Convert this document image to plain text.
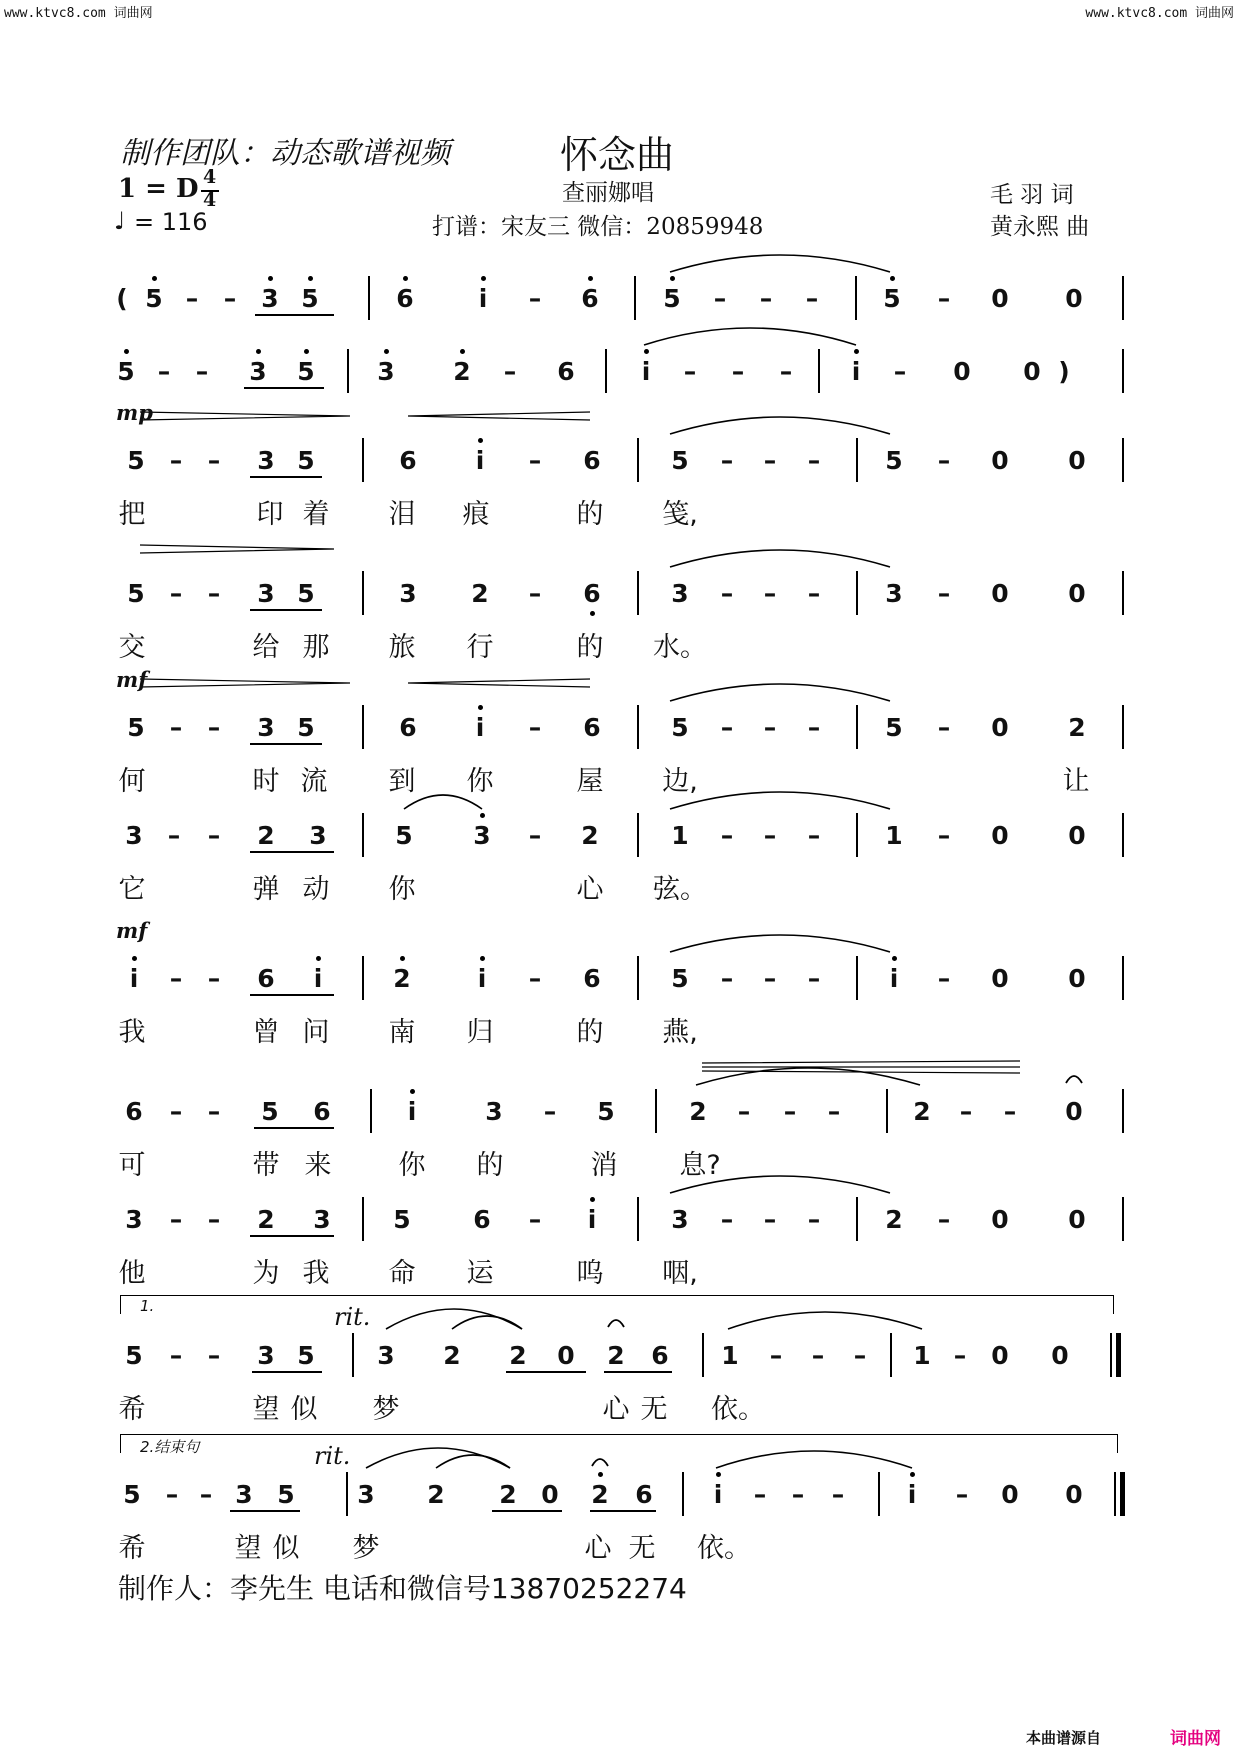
www.ktvc8.com 词曲网	www.ktvc8.com 词曲网
制作团队：动态歌谱视频	怀念曲
查丽娜唱
打谱：宋友三 微信：20859948
毛 羽 词
黄永熙 曲
1 = D 4
4
♩ = 116
( 5 –	–	3 5	6	i	–	6	5	–	–	–	5	–	0	0
5 –	–	3	5	3	2	–	6	i	–	–	–	i	–	0	0 )
5	–	–	3 5	6	i	–	6	5	–	–	–	5	–	0	0
mp
把	印 着	泪	痕	的	笺,
5	–	–	3 5	3	2	–	6	3	–	–	–	3	–	0	0
交	给 那	旅	行	的	水。
5	–	–	3 5	6	i	–	6	5	–	–	–	5	–	0	2
mf
何	时 流	到	你	屋	边,	让
3	–	–	2	3	5	3	–	2	1	–	–	–	1	–	0	0
它	弹 动	你	心	弦。
i	–	–	6	i	2	i	–	6	5	–	–	–	i	–	0	0
mf
我	曾 问	南	归	的	燕,
6	–	–	5	6	i	3	–	5	2	–	–	–	2	–	–	0
可	带 来	你	的	消	息?
3	–	–	2	3	5	6	–	i	3	–	–	–	2	–	0	0
他	为 我	命	运	呜	咽,
5	–	–	3 5	3	2	2	0	2	6	1	–	–	–	1 –	0	0
1.	rit.
希	望 似	梦	心 无	依。
5	– – 3 5	3	2	2 0	2	6	i	–	–	–	i	–	0	0
2.结束句	rit.
希	望 似	梦	心 无	依。
制作人：李先生 电话和微信号13870252274
本曲谱源自	词曲网
